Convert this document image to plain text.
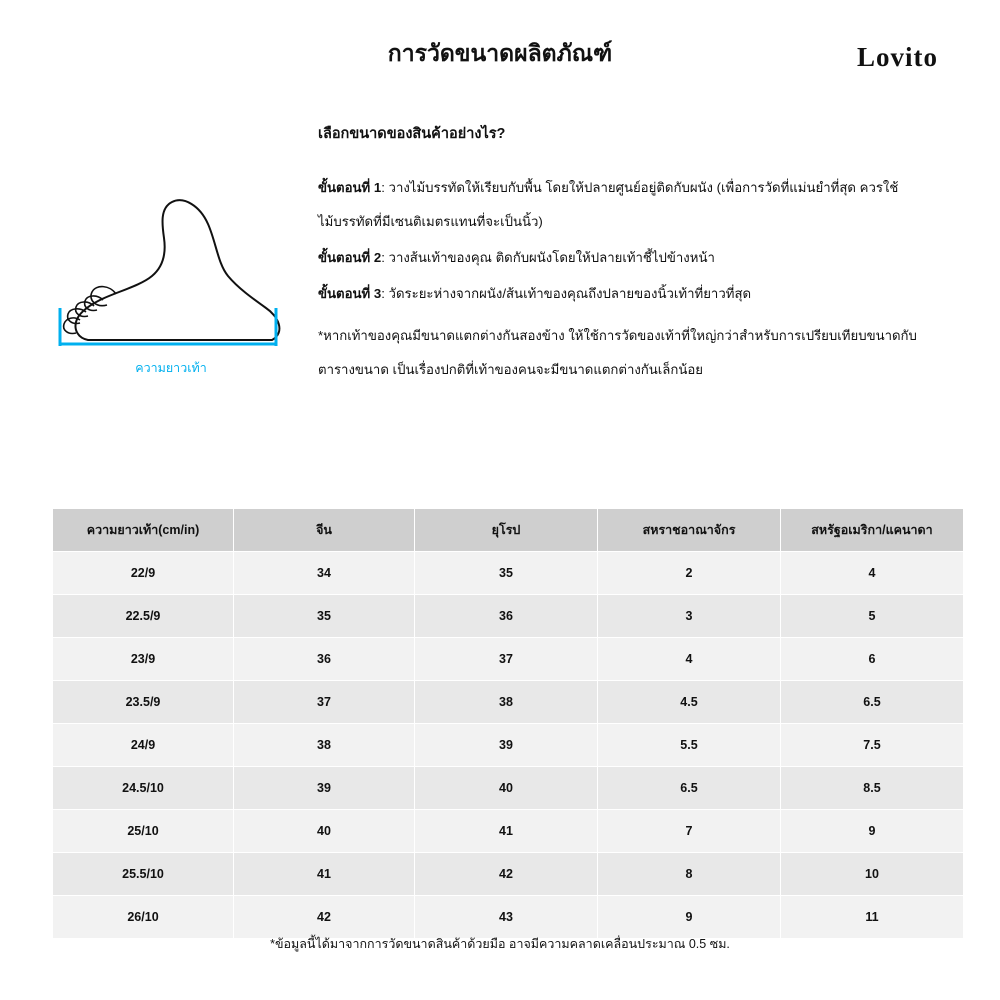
การวัดขนาดผลิตภัณฑ์	Lovito
ความยาวเท้า
เลือกขนาดของสินค้าอย่างไร?
ขั้นตอนที่ 1: วางไม้บรรทัดให้เรียบกับพื้น โดยให้ปลายศูนย์อยู่ติดกับผนัง (เพื่อการวัดที่แม่นยำที่สุด ควรใช้ไม้บรรทัดที่มีเซนติเมตรแทนที่จะเป็นนิ้ว)
ขั้นตอนที่ 2: วางส้นเท้าของคุณ ติดกับผนังโดยให้ปลายเท้าชี้ไปข้างหน้า
ขั้นตอนที่ 3: วัดระยะห่างจากผนัง/ส้นเท้าของคุณถึงปลายของนิ้วเท้าที่ยาวที่สุด
*หากเท้าของคุณมีขนาดแตกต่างกันสองข้าง ให้ใช้การวัดของเท้าที่ใหญ่กว่าสำหรับการเปรียบเทียบขนาดกับตารางขนาด เป็นเรื่องปกติที่เท้าของคนจะมีขนาดแตกต่างกันเล็กน้อย
ความยาวเท้า(cm/in)	จีน	ยุโรป	สหราชอาณาจักร	สหรัฐอเมริกา/แคนาดา
22/9	34	35	2	4
22.5/9	35	36	3	5
23/9	36	37	4	6
23.5/9	37	38	4.5	6.5
24/9	38	39	5.5	7.5
24.5/10	39	40	6.5	8.5
25/10	40	41	7	9
25.5/10	41	42	8	10
26/10	42	43	9	11
*ข้อมูลนี้ได้มาจากการวัดขนาดสินค้าด้วยมือ อาจมีความคลาดเคลื่อนประมาณ 0.5 ซม.
